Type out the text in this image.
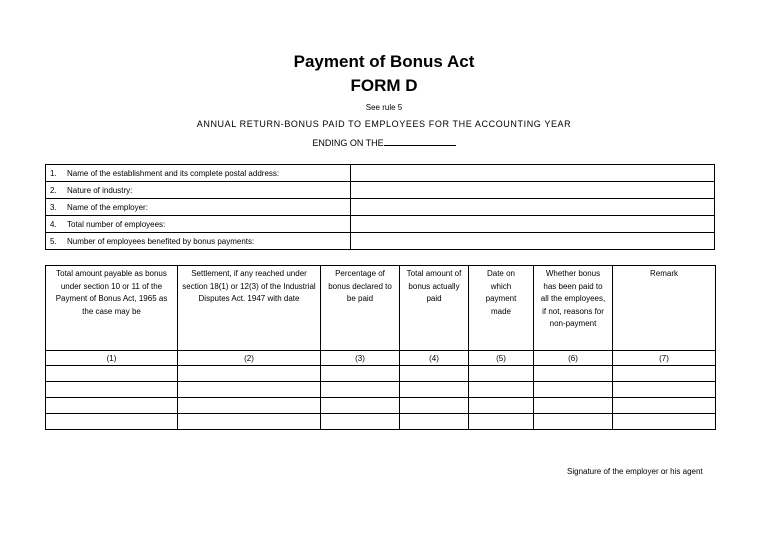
Payment of Bonus Act
FORM D
See rule 5
ANNUAL RETURN-BONUS PAID TO EMPLOYEES FOR THE ACCOUNTING YEAR
ENDING ON THE
1. Name of the establishment and its complete postal address:	
2. Nature of industry:	
3. Name of the employer:	
4. Total number of employees:	
5. Number of employees benefited by bonus payments:	
Total amount payable as bonus under section 10 or 11 of the Payment of Bonus Act, 1965 as the case may be	Settlement, if any reached under section 18(1) or 12(3) of the Industrial Disputes Act. 1947 with date	Percentage of bonus declared to be paid	Total amount of bonus actually paid	Date on which payment made	Whether bonus has been paid to all the employees, if not, reasons for non-payment	Remark
(1)	(2)	(3)	(4)	(5)	(6)	(7)

Signature of the employer or his agent
